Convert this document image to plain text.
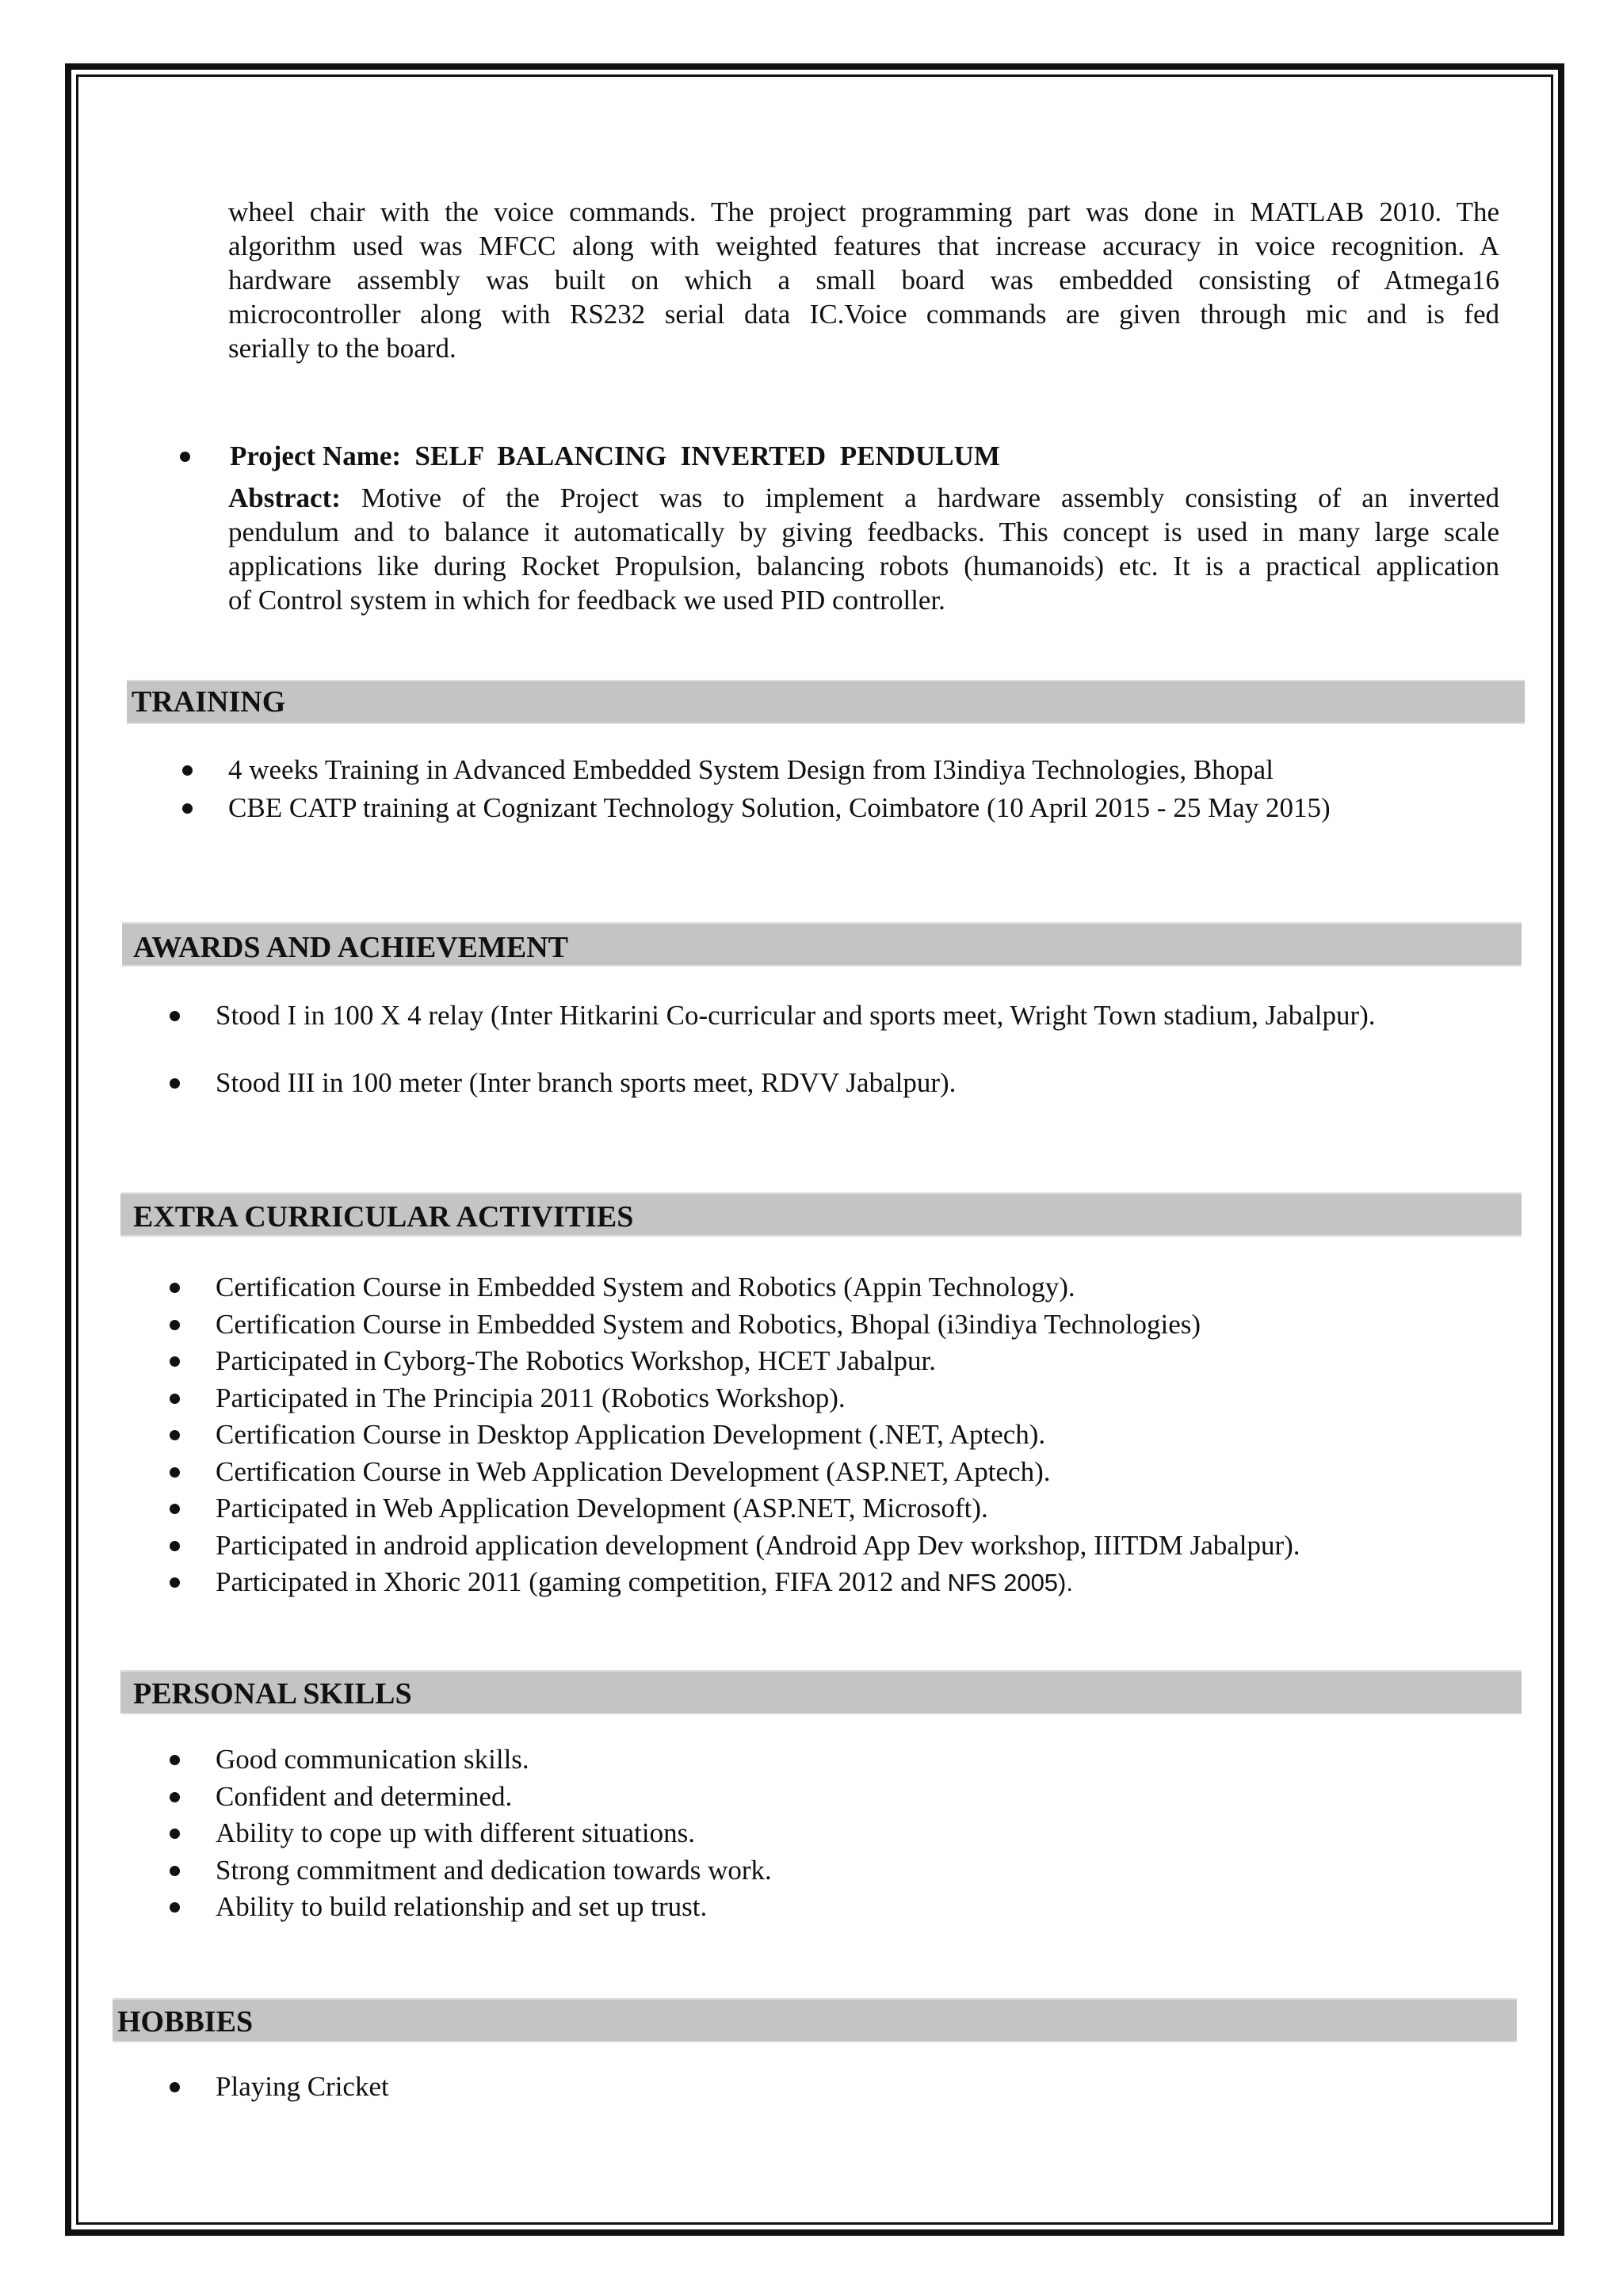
wheel chair with the voice commands. The project programming part was done in MATLAB 2010. The

algorithm used was MFCC along with weighted features that increase accuracy in voice recognition. A

hardware assembly was built on which a small board was embedded consisting of Atmega16

microcontroller along with RS232 serial data IC.Voice commands are given through mic and is fed

serially to the board.

Project Name:  SELF  BALANCING  INVERTED  PENDULUM

Abstract: Motive of the Project was to implement a hardware assembly consisting of an inverted

pendulum and to balance it automatically by giving feedbacks. This concept is used in many large scale

applications like during Rocket Propulsion, balancing robots (humanoids) etc. It is a practical application

of Control system in which for feedback we used PID controller.

TRAINING
4 weeks Training in Advanced Embedded System Design from I3indiya Technologies, Bhopal
CBE CATP training at Cognizant Technology Solution, Coimbatore (10 April 2015 - 25 May 2015)
AWARDS AND ACHIEVEMENT
Stood I in 100 X 4 relay (Inter Hitkarini Co-curricular and sports meet, Wright Town stadium, Jabalpur).
Stood III in 100 meter (Inter branch sports meet, RDVV Jabalpur).
EXTRA CURRICULAR ACTIVITIES
Certification Course in Embedded System and Robotics (Appin Technology).
Certification Course in Embedded System and Robotics, Bhopal (i3indiya Technologies)
Participated in Cyborg-The Robotics Workshop, HCET Jabalpur.
Participated in The Principia 2011 (Robotics Workshop).
Certification Course in Desktop Application Development (.NET, Aptech).
Certification Course in Web Application Development (ASP.NET, Aptech).
Participated in Web Application Development (ASP.NET, Microsoft).
Participated in android application development (Android App Dev workshop, IIITDM Jabalpur).
Participated in Xhoric 2011 (gaming competition, FIFA 2012 and NFS 2005).
PERSONAL SKILLS
Good communication skills.
Confident and determined.
Ability to cope up with different situations.
Strong commitment and dedication towards work.
Ability to build relationship and set up trust.
HOBBIES
Playing Cricket
